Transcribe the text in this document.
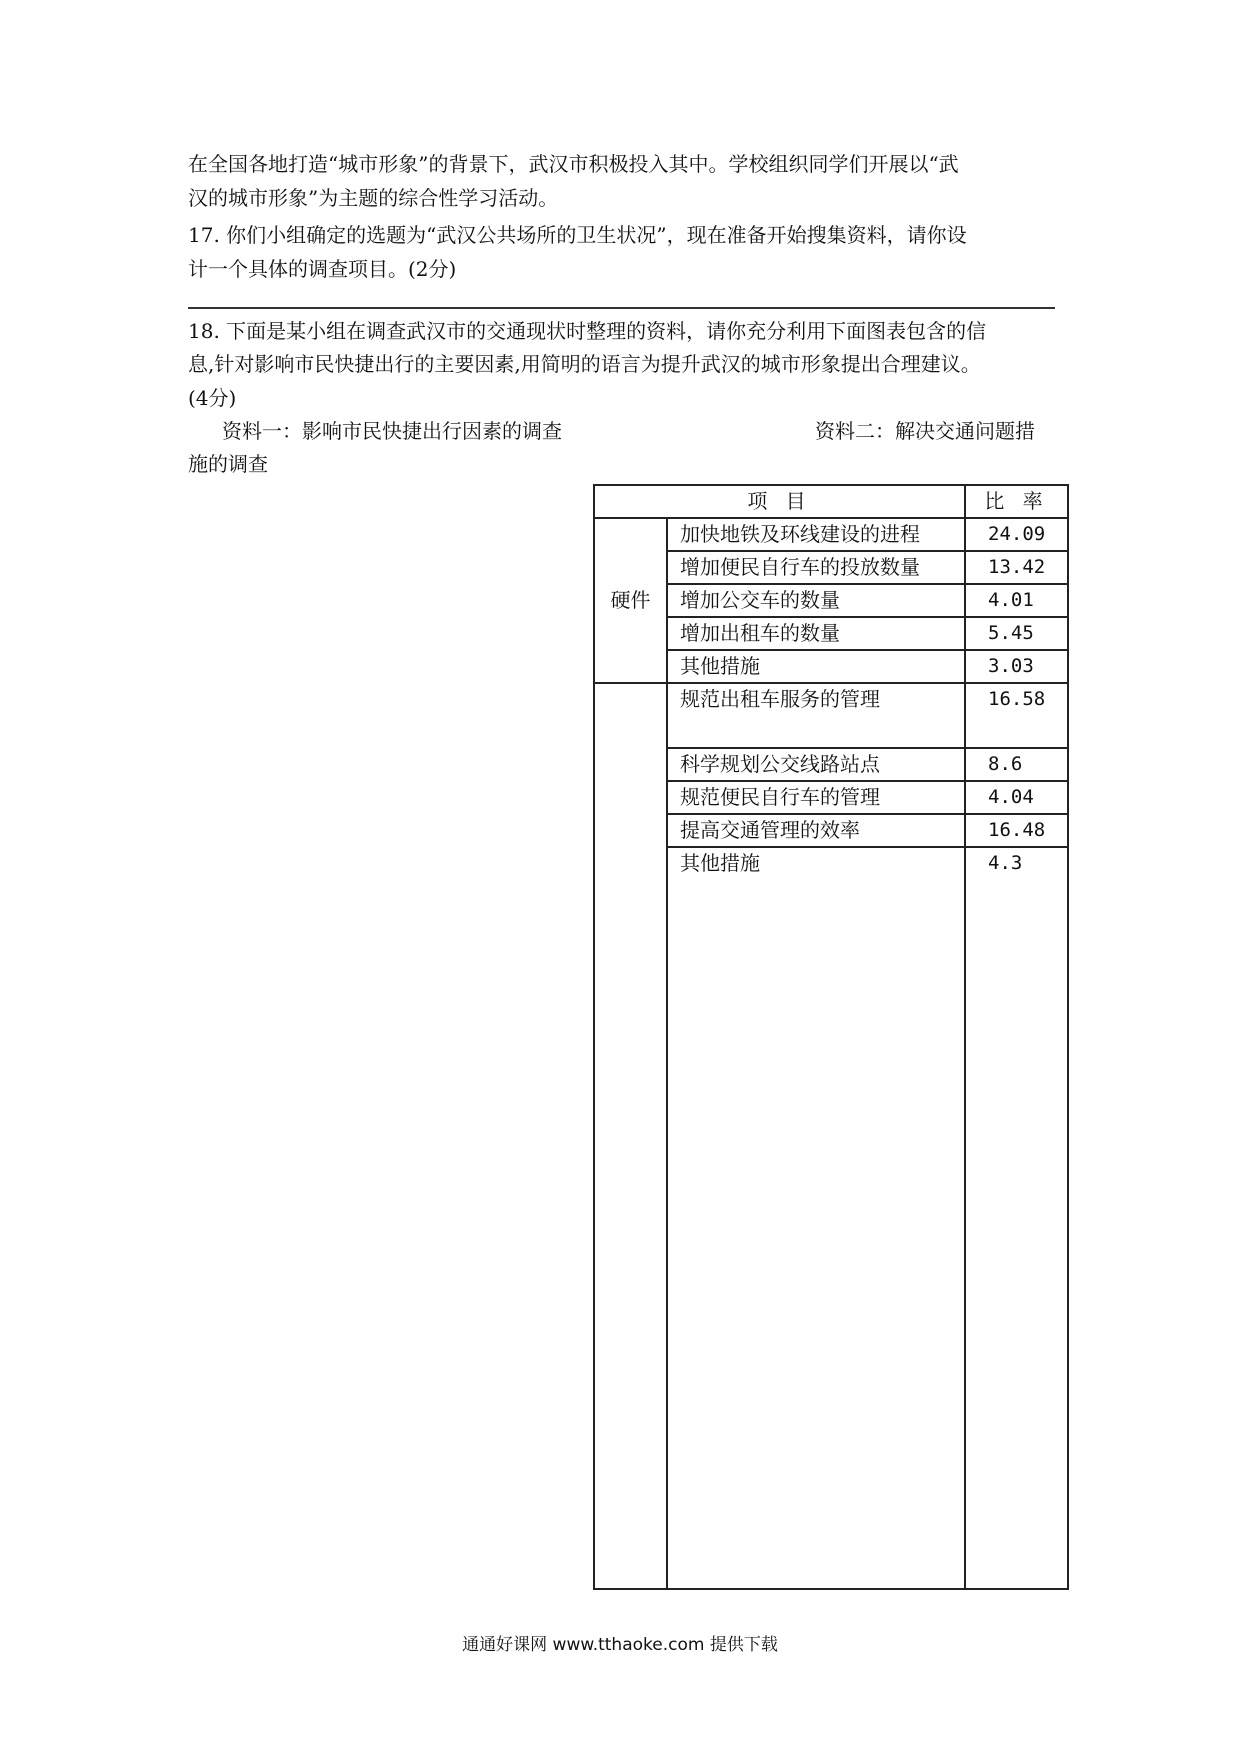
在全国各地打造“城市形象”的背景下，武汉市积极投入其中。学校组织同学们开展以“武

汉的城市形象”为主题的综合性学习活动。

17. 你们小组确定的选题为“武汉公共场所的卫生状况”，现在准备开始搜集资料，请你设

计一个具体的调查项目。(2分)

18. 下面是某小组在调查武汉市的交通现状时整理的资料，请你充分利用下面图表包含的信

息,针对影响市民快捷出行的主要因素,用简明的语言为提升武汉的城市形象提出合理建议。

(4分)

资料一：影响市民快捷出行因素的调查	资料二：解决交通问题措

施的调查

项 目		比 率
硬件	加快地铁及环线建设的进程	24.09
	增加便民自行车的投放数量	13.42
	增加公交车的数量	4.01
	增加出租车的数量	5.45
	其他措施	3.03
	规范出租车服务的管理	16.58
	科学规划公交线路站点	8.6
	规范便民自行车的管理	4.04
	提高交通管理的效率	16.48
	其他措施	4.3
通通好课网 www.tthaoke.com 提供下载
